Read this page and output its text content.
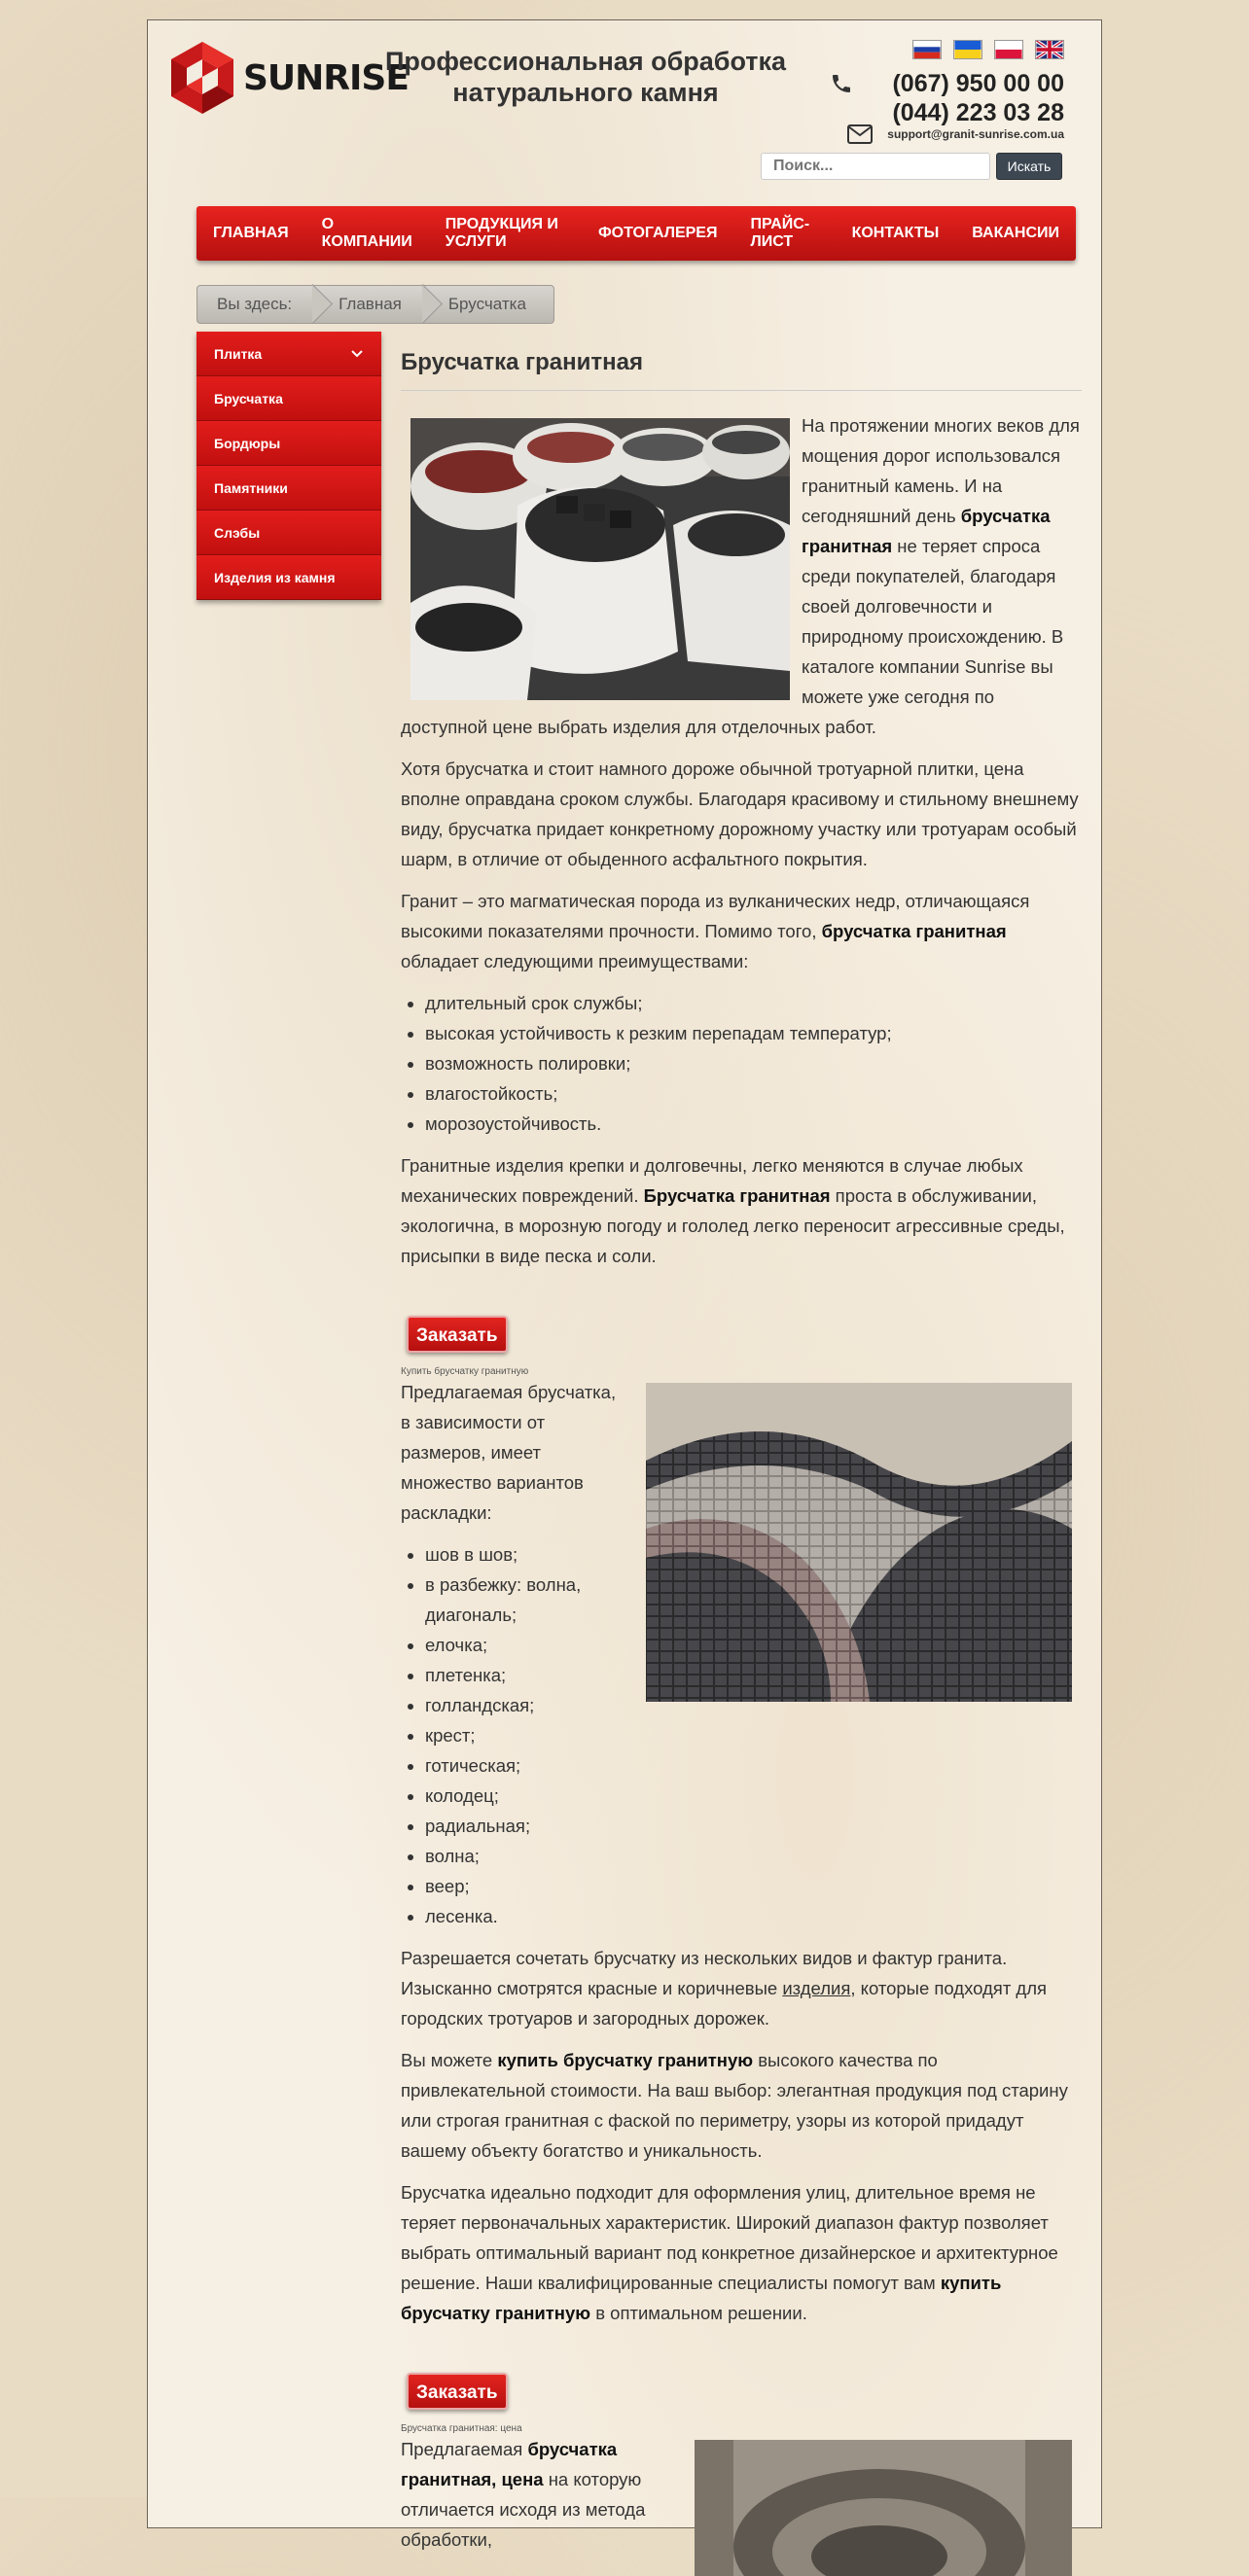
SUNRISE
Профессиональная обработка натурального камня	(067) 950 00 00
(044) 223 03 28
support@granit-sunrise.com.ua
Поиск...
Искать
ГЛАВНАЯ
О КОМПАНИИ
ПРОДУКЦИЯ И УСЛУГИ
ФОТОГАЛЕРЕЯ
ПРАЙС-ЛИСТ
КОНТАКТЫ	ВАКАНСИИ
Вы здесь:	Главная	Брусчатка
Плитка
Брусчатка
Бордюры
Памятники
Слэбы
Изделия из камня
Брусчатка гранитная

На протяжении многих веков для мощения дорог использовался гранитный камень. И на сегодняшний день брусчатка гранитная не теряет спроса среди покупателей, благодаря своей долговечности и природному происхождению. В каталоге компании Sunrise вы можете уже сегодня по доступной цене выбрать изделия для отделочных работ.

Хотя брусчатка и стоит намного дороже обычной тротуарной плитки, цена вполне оправдана сроком службы. Благодаря красивому и стильному внешнему виду, брусчатка придает конкретному дорожному участку или тротуарам особый шарм, в отличие от обыденного асфальтного покрытия.

Гранит – это магматическая порода из вулканических недр, отличающаяся высокими показателями прочности. Помимо того, брусчатка гранитная обладает следующими преимуществами:

• длительный срок службы;
• высокая устойчивость к резким перепадам температур;
• возможность полировки;
• влагостойкость;
• морозоустойчивость.

Гранитные изделия крепки и долговечны, легко меняются в случае любых механических повреждений. Брусчатка гранитная проста в обслуживании, экологична, в морозную погоду и гололед легко переносит агрессивные среды, присыпки в виде песка и соли.

Заказать
Купить брусчатку гранитную

Предлагаемая брусчатка, в зависимости от размеров, имеет множество вариантов раскладки:

• шов в шов;
• в разбежку: волна, диагональ;
• елочка;
• плетенка;
• голландская;
• крест;
• готическая;
• колодец;
• радиальная;
• волна;
• веер;
• лесенка.

Разрешается сочетать брусчатку из нескольких видов и фактур гранита. Изысканно смотрятся красные и коричневые изделия, которые подходят для городских тротуаров и загородных дорожек.

Вы можете купить брусчатку гранитную высокого качества по привлекательной стоимости. На ваш выбор: элегантная продукция под старину или строгая гранитная с фаской по периметру, узоры из которой придадут вашему объекту богатство и уникальность.

Брусчатка идеально подходит для оформления улиц, длительное время не теряет первоначальных характеристик. Широкий диапазон фактур позволяет выбрать оптимальный вариант под конкретное дизайнерское и архитектурное решение. Наши квалифицированные специалисты помогут вам купить брусчатку гранитную в оптимальном решении.

Заказать
Брусчатка гранитная: цена

Предлагаемая брусчатка гранитная, цена на которую отличается исходя из метода обработки,
